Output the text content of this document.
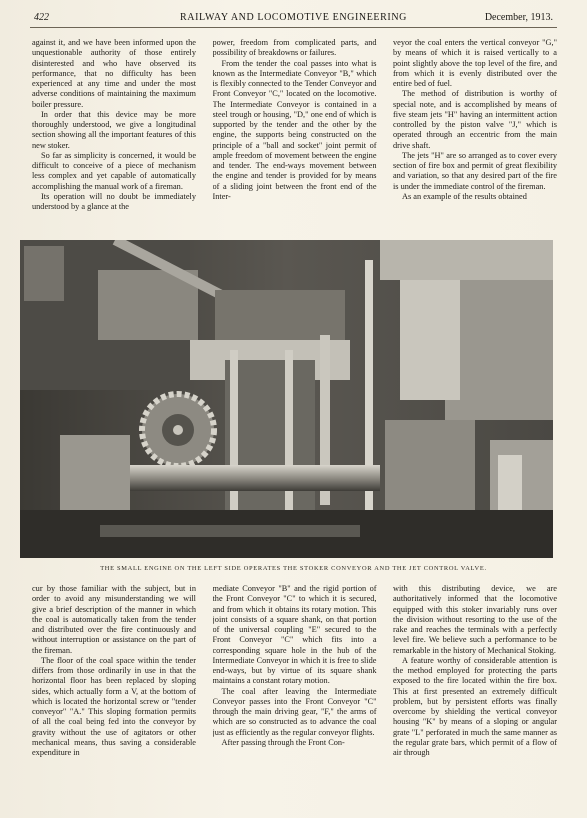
422	RAILWAY AND LOCOMOTIVE ENGINEERING	December, 1913.

against it, and we have been informed upon the unquestionable authority of those entirely disinterested and who have observed its performance, that no difficulty has been experienced at any time and under the most adverse conditions of maintaining the maximum boiler pressure.

In order that this device may be more thoroughly understood, we give a longitudinal section showing all the important features of this new stoker.

So far as simplicity is concerned, it would be difficult to conceive of a piece of mechanism less complex and yet capable of automatically accomplishing the manual work of a fireman.

Its operation will no doubt be immediately understood by a glance at the

power, freedom from complicated parts, and possibility of breakdowns or failures.

From the tender the coal passes into what is known as the Intermediate Conveyor "B," which is flexibly connected to the Tender Conveyor and Front Conveyor "C," located on the locomotive. The Intermediate Conveyor is contained in a steel trough or housing, "D," one end of which is supported by the tender and the other by the engine, the supports being constructed on the principle of a "ball and socket" joint permit of ample freedom of movement between the engine and tender. The end-ways movement between the engine and tender is provided for by means of a sliding joint between the front end of the Inter-

veyor the coal enters the vertical conveyor "G," by means of which it is raised vertically to a point slightly above the top level of the fire, and from which it is evenly distributed over the entire bed of fuel.

The method of distribution is worthy of special note, and is accomplished by means of five steam jets "H" having an intermittent action controlled by the piston valve "J," which is operated through an eccentric from the main drive shaft.

The jets "H" are so arranged as to cover every section of fire box and permit of great flexibility and variation, so that any desired part of the fire is under the immediate control of the fireman.

As an example of the results obtained

THE SMALL ENGINE ON THE LEFT SIDE OPERATES THE STOKER CONVEYOR AND THE JET CONTROL VALVE.

cur by those familiar with the subject, but in order to avoid any misunderstanding we will give a brief description of the manner in which the coal is automatically taken from the tender and distributed over the fire continuously and without interruption or assistance on the part of the fireman.

The floor of the coal space within the tender differs from those ordinarily in use in that the horizontal floor has been replaced by sloping sides, which actually form a V, at the bottom of which is located the horizontal screw or "tender conveyor" "A." This sloping formation permits of all the coal being fed into the conveyor by gravity without the use of agitators or other mechanical means, thus saving a considerable expenditure in

mediate Conveyor "B" and the rigid portion of the Front Conveyor "C" to which it is secured, and from which it obtains its rotary motion. This joint consists of a square shank, on that portion of the universal coupling "E" secured to the Front Conveyor "C" which fits into a corresponding square hole in the hub of the Intermediate Conveyor in which it is free to slide end-ways, but by virtue of its square shank maintains a constant rotary motion.

The coal after leaving the Intermediate Conveyor passes into the Front Conveyor "C" through the main driving gear, "F," the arms of which are so constructed as to advance the coal just as efficiently as the regular conveyor flights.

After passing through the Front Con-

with this distributing device, we are authoritatively informed that the locomotive equipped with this stoker invariably runs over the division without resorting to the use of the rake and reaches the terminals with a perfectly level fire. We believe such a performance to be remarkable in the history of Mechanical Stoking.

A feature worthy of considerable attention is the method employed for protecting the parts exposed to the fire located within the fire box. This at first presented an extremely difficult problem, but by persistent efforts was finally overcome by shielding the vertical conveyor housing "K" by means of a sloping or angular grate "L" perforated in much the same manner as the regular grate bars, which permit of a flow of air through
